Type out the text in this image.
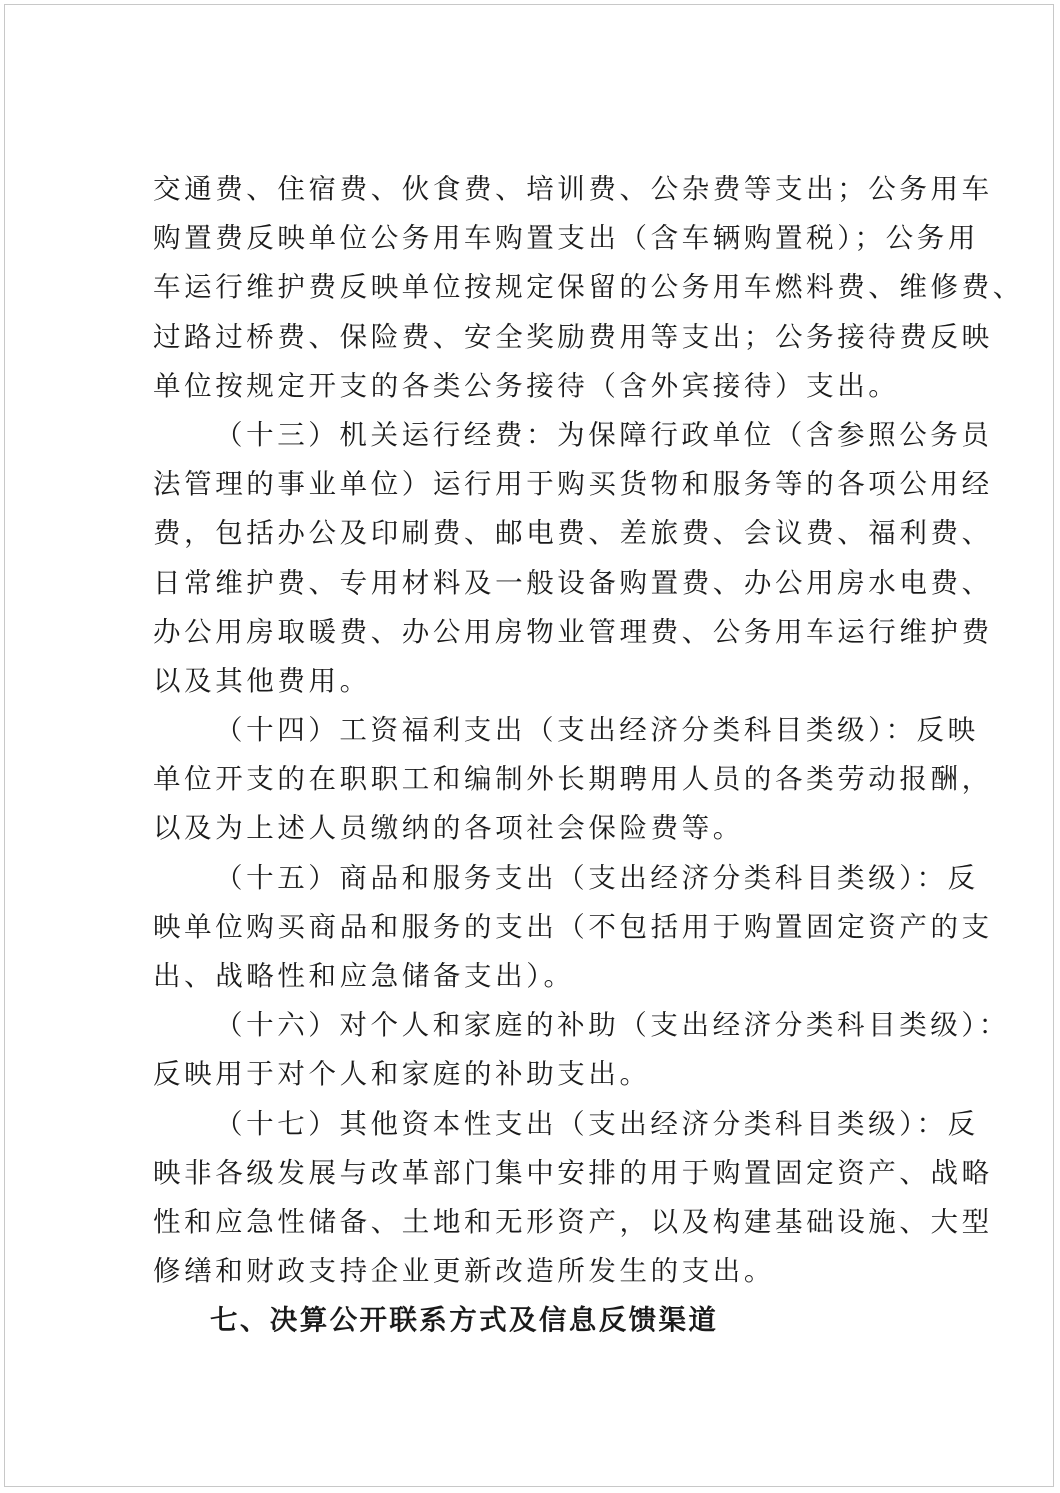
交通费、住宿费、伙食费、培训费、公杂费等支出；公务用车
购置费反映单位公务用车购置支出（含车辆购置税）；公务用
车运行维护费反映单位按规定保留的公务用车燃料费、维修费、
过路过桥费、保险费、安全奖励费用等支出；公务接待费反映
单位按规定开支的各类公务接待（含外宾接待）支出。
（十三）机关运行经费：为保障行政单位（含参照公务员
法管理的事业单位）运行用于购买货物和服务等的各项公用经
费，包括办公及印刷费、邮电费、差旅费、会议费、福利费、
日常维护费、专用材料及一般设备购置费、办公用房水电费、
办公用房取暖费、办公用房物业管理费、公务用车运行维护费
以及其他费用。
（十四）工资福利支出（支出经济分类科目类级）：反映
单位开支的在职职工和编制外长期聘用人员的各类劳动报酬，
以及为上述人员缴纳的各项社会保险费等。
（十五）商品和服务支出（支出经济分类科目类级）：反
映单位购买商品和服务的支出（不包括用于购置固定资产的支
出、战略性和应急储备支出）。
（十六）对个人和家庭的补助（支出经济分类科目类级）：
反映用于对个人和家庭的补助支出。
（十七）其他资本性支出（支出经济分类科目类级）：反
映非各级发展与改革部门集中安排的用于购置固定资产、战略
性和应急性储备、土地和无形资产，以及构建基础设施、大型
修缮和财政支持企业更新改造所发生的支出。
七、决算公开联系方式及信息反馈渠道
